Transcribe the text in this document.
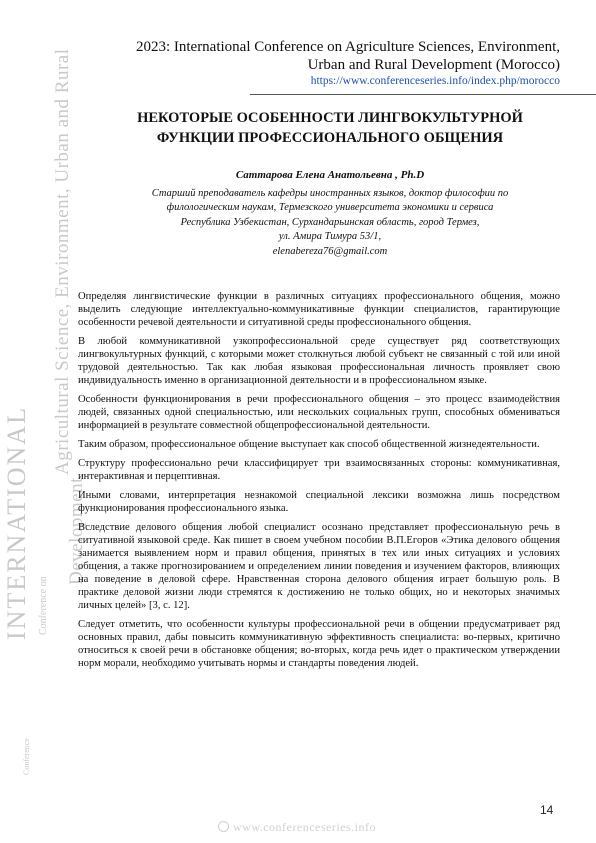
INTERNATIONAL Conference on
Conference
Agricultural Science, Environment, Urban and Rural
Development
2023: International Conference on Agriculture Sciences, Environment,
Urban and Rural Development (Morocco)
https://www.conferenceseries.info/index.php/morocco
НЕКОТОРЫЕ ОСОБЕННОСТИ ЛИНГВОКУЛЬТУРНОЙ
ФУНКЦИИ ПРОФЕССИОНАЛЬНОГО ОБЩЕНИЯ
Саттарова Елена Анатольевна , Ph.D
Старший преподаватель кафедры иностранных языков, доктор философии по
филологическим наукам, Термезского университета экономики и сервиса
Республика Узбекистан, Сурхандарьинская область, город Термез,
ул. Амира Тимура 53/1,
elenabereza76@gmail.com

Определяя лингвистические функции в различных ситуациях профессионального общения, можно выделить следующие интеллектуально-коммуникативные функции специалистов, гарантирующие особенности речевой деятельности и ситуативной среды профессионального общения.

В любой коммуникативной узкопрофессиональной среде существует ряд соответствующих лингвокультурных функций, с которыми может столкнуться любой субъект не связанный с той или иной трудовой деятельностью. Так как любая языковая профессиональная личность проявляет свою индивидуальность именно в организационной деятельности и в профессиональном языке.

Особенности функционирования в речи профессионального общения – это процесс взаимодействия людей, связанных одной специальностью, или нескольких социальных групп, способных обмениваться информацией в результате совместной общепрофессиональной деятельности.

Таким образом, профессиональное общение выступает как способ общественной жизнедеятельности.

Структуру профессионально речи классифицирует три взаимосвязанных стороны: коммуникативная, интерактивная и перцептивная.

Иными словами, интерпретация незнакомой специальной лексики возможна лишь посредством функционирования профессионального языка.

Вследствие делового общения любой специалист осознано представляет профессиональную речь в ситуативной языковой среде. Как пишет в своем учебном пособии В.П.Егоров «Этика делового общения занимается выявлением норм и правил общения, принятых в тех или иных ситуациях и условиях общения, а также прогнозированием и определением линии поведения и изучением факторов, влияющих на поведение в деловой сфере. Нравственная сторона делового общения играет большую роль. В практике деловой жизни люди стремятся к достижению не только общих, но и некоторых значимых личных целей» [3, с. 12].

Следует отметить, что особенности культуры профессиональной речи в общении предусматривает ряд основных правил, дабы повысить коммуникативную эффективность специалиста: во-первых, критично относиться к своей речи в обстановке общения; во-вторых, когда речь идет о практическом утверждении норм морали, необходимо учитывать нормы и стандарты поведения людей.

14
www.conferenceseries.info
